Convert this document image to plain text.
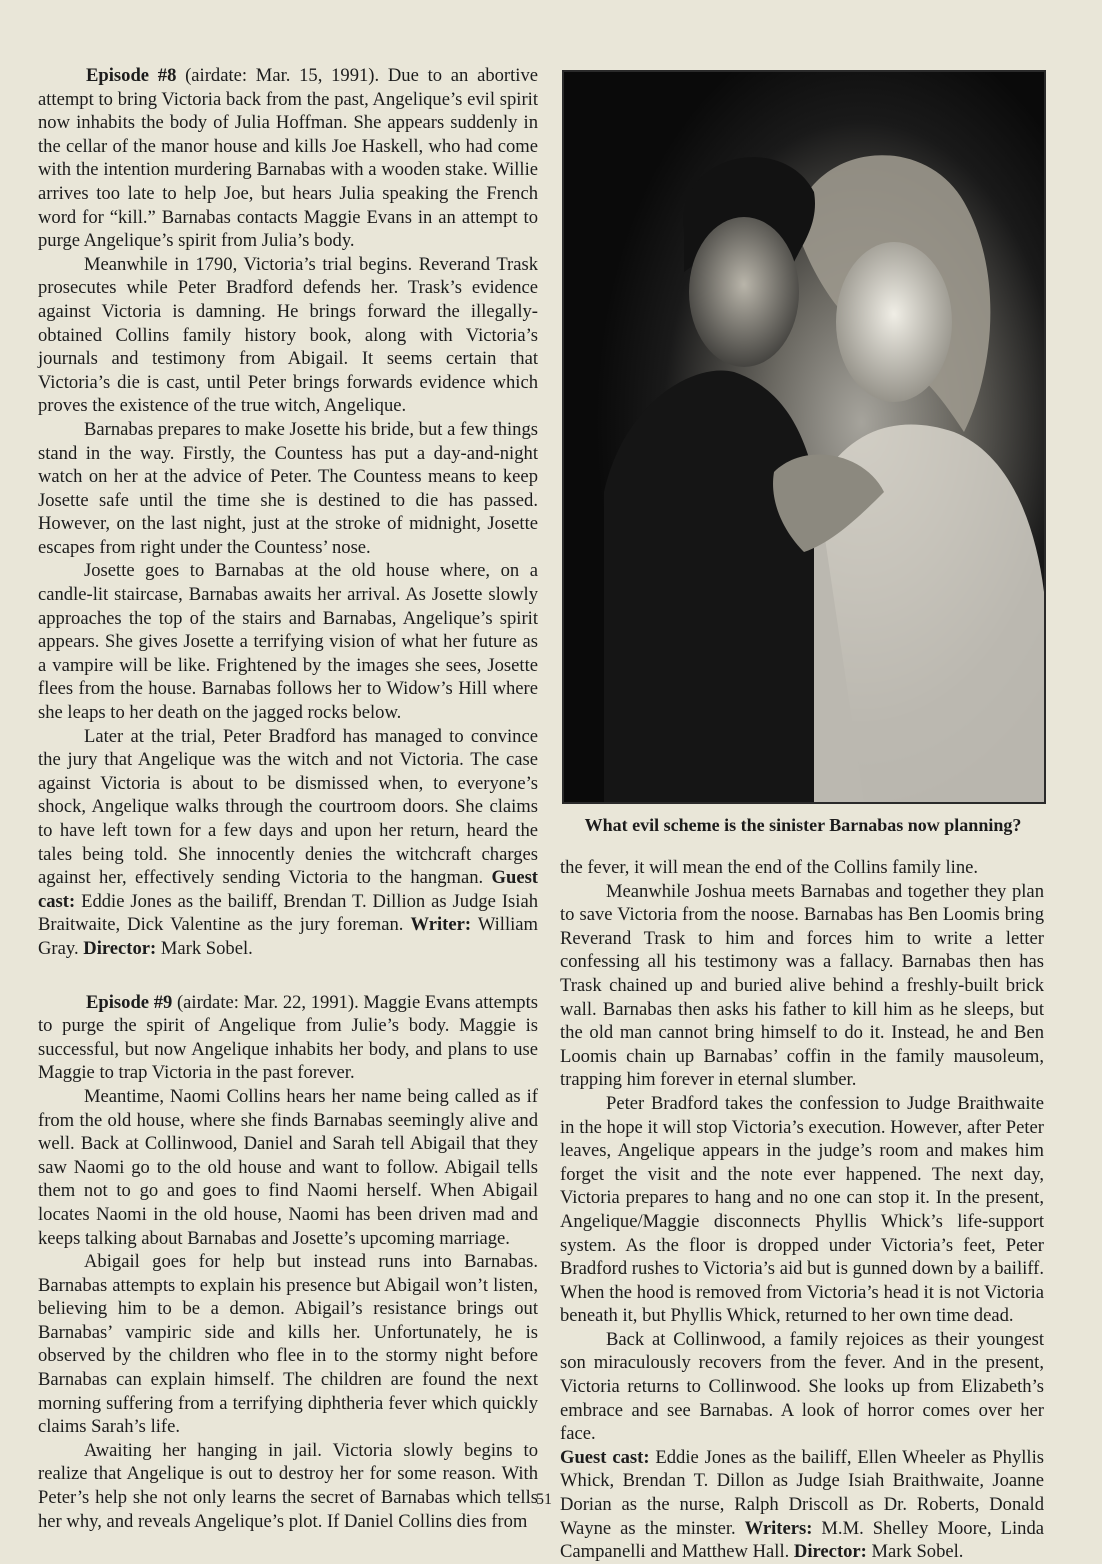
Episode #8 (airdate: Mar. 15, 1991). Due to an abortive attempt to bring Victoria back from the past, Angelique’s evil spirit now inhabits the body of Julia Hoffman. She appears suddenly in the cellar of the manor house and kills Joe Haskell, who had come with the intention murdering Barnabas with a wooden stake. Willie arrives too late to help Joe, but hears Julia speaking the French word for “kill.” Barnabas contacts Maggie Evans in an attempt to purge Angelique’s spirit from Julia’s body.

Meanwhile in 1790, Victoria’s trial begins. Reverand Trask prosecutes while Peter Bradford defends her. Trask’s evidence against Victoria is damning. He brings forward the illegally-obtained Collins family history book, along with Victoria’s journals and testimony from Abigail. It seems certain that Victoria’s die is cast, until Peter brings forwards evidence which proves the existence of the true witch, Angelique.

Barnabas prepares to make Josette his bride, but a few things stand in the way. Firstly, the Countess has put a day-and-night watch on her at the advice of Peter. The Countess means to keep Josette safe until the time she is destined to die has passed. However, on the last night, just at the stroke of midnight, Josette escapes from right under the Countess’ nose.

Josette goes to Barnabas at the old house where, on a candle-lit staircase, Barnabas awaits her arrival. As Josette slowly approaches the top of the stairs and Barnabas, Angelique’s spirit appears. She gives Josette a terrifying vision of what her future as a vampire will be like. Frightened by the images she sees, Josette flees from the house. Barnabas follows her to Widow’s Hill where she leaps to her death on the jagged rocks below.

Later at the trial, Peter Bradford has managed to convince the jury that Angelique was the witch and not Victoria. The case against Victoria is about to be dismissed when, to everyone’s shock, Angelique walks through the courtroom doors. She claims to have left town for a few days and upon her return, heard the tales being told. She innocently denies the witchcraft charges against her, effectively sending Victoria to the hangman. Guest cast: Eddie Jones as the bailiff, Brendan T. Dillion as Judge Isiah Braitwaite, Dick Valentine as the jury foreman. Writer: William Gray. Director: Mark Sobel.

Episode #9 (airdate: Mar. 22, 1991). Maggie Evans attempts to purge the spirit of Angelique from Julie’s body. Maggie is successful, but now Angelique inhabits her body, and plans to use Maggie to trap Victoria in the past forever.

Meantime, Naomi Collins hears her name being called as if from the old house, where she finds Barnabas seemingly alive and well. Back at Collinwood, Daniel and Sarah tell Abigail that they saw Naomi go to the old house and want to follow. Abigail tells them not to go and goes to find Naomi herself. When Abigail locates Naomi in the old house, Naomi has been driven mad and keeps talking about Barnabas and Josette’s upcoming marriage.

Abigail goes for help but instead runs into Barnabas. Barnabas attempts to explain his presence but Abigail won’t listen, believing him to be a demon. Abigail’s resistance brings out Barnabas’ vampiric side and kills her. Unfortunately, he is observed by the children who flee in to the stormy night before Barnabas can explain himself. The children are found the next morning suffering from a terrifying diphtheria fever which quickly claims Sarah’s life.

Awaiting her hanging in jail. Victoria slowly begins to realize that Angelique is out to destroy her for some reason. With Peter’s help she not only learns the secret of Barnabas which tells her why, and reveals Angelique’s plot. If Daniel Collins dies from

What evil scheme is the sinister Barnabas now planning?

the fever, it will mean the end of the Collins family line.

Meanwhile Joshua meets Barnabas and together they plan to save Victoria from the noose. Barnabas has Ben Loomis bring Reverand Trask to him and forces him to write a letter confessing all his testimony was a fallacy. Barnabas then has Trask chained up and buried alive behind a freshly-built brick wall. Barnabas then asks his father to kill him as he sleeps, but the old man cannot bring himself to do it. Instead, he and Ben Loomis chain up Barnabas’ coffin in the family mausoleum, trapping him forever in eternal slumber.

Peter Bradford takes the confession to Judge Braithwaite in the hope it will stop Victoria’s execution. However, after Peter leaves, Angelique appears in the judge’s room and makes him forget the visit and the note ever happened. The next day, Victoria prepares to hang and no one can stop it. In the present, Angelique/Maggie disconnects Phyllis Whick’s life-support system. As the floor is dropped under Victoria’s feet, Peter Bradford rushes to Victoria’s aid but is gunned down by a bailiff. When the hood is removed from Victoria’s head it is not Victoria beneath it, but Phyllis Whick, returned to her own time dead.

Back at Collinwood, a family rejoices as their youngest son miraculously recovers from the fever. And in the present, Victoria returns to Collinwood. She looks up from Elizabeth’s embrace and see Barnabas. A look of horror comes over her face.

Guest cast: Eddie Jones as the bailiff, Ellen Wheeler as Phyllis Whick, Brendan T. Dillon as Judge Isiah Braithwaite, Joanne Dorian as the nurse, Ralph Driscoll as Dr. Roberts, Donald Wayne as the minster. Writers: M.M. Shelley Moore, Linda Campanelli and Matthew Hall. Director: Mark Sobel.

51
